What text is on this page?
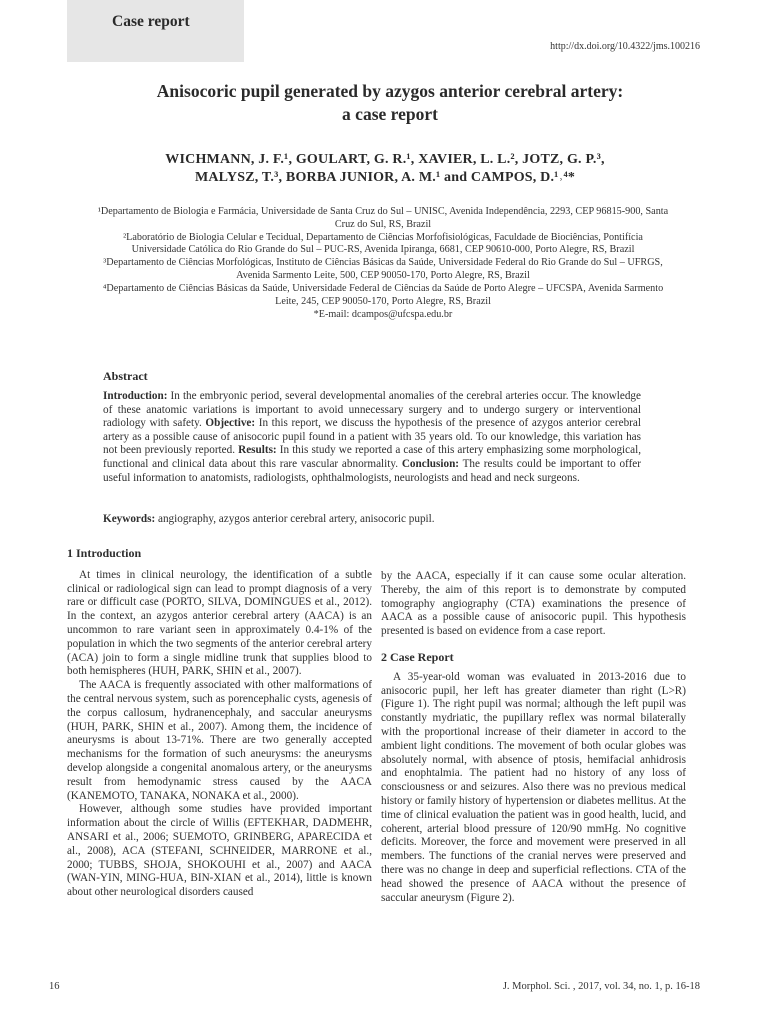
Case report
http://dx.doi.org/10.4322/jms.100216
Anisocoric pupil generated by azygos anterior cerebral artery:
a case report
WICHMANN, J. F.¹, GOULART, G. R.¹, XAVIER, L. L.², JOTZ, G. P.³,
MALYSZ, T.³, BORBA JUNIOR, A. M.¹ and CAMPOS, D.¹˒⁴*
¹Departamento de Biologia e Farmácia, Universidade de Santa Cruz do Sul – UNISC, Avenida Independência, 2293, CEP 96815-900, Santa Cruz do Sul, RS, Brazil
²Laboratório de Biologia Celular e Tecidual, Departamento de Ciências Morfofisiológicas, Faculdade de Biociências, Pontifícia Universidade Católica do Rio Grande do Sul – PUC-RS, Avenida Ipiranga, 6681, CEP 90610-000, Porto Alegre, RS, Brazil
³Departamento de Ciências Morfológicas, Instituto de Ciências Básicas da Saúde, Universidade Federal do Rio Grande do Sul – UFRGS, Avenida Sarmento Leite, 500, CEP 90050-170, Porto Alegre, RS, Brazil
⁴Departamento de Ciências Básicas da Saúde, Universidade Federal de Ciências da Saúde de Porto Alegre – UFCSPA, Avenida Sarmento Leite, 245, CEP 90050-170, Porto Alegre, RS, Brazil
*E-mail: dcampos@ufcspa.edu.br
Abstract
Introduction: In the embryonic period, several developmental anomalies of the cerebral arteries occur. The knowledge of these anatomic variations is important to avoid unnecessary surgery and to undergo surgery or interventional radiology with safety. Objective: In this report, we discuss the hypothesis of the presence of azygos anterior cerebral artery as a possible cause of anisocoric pupil found in a patient with 35 years old. To our knowledge, this variation has not been previously reported. Results: In this study we reported a case of this artery emphasizing some morphological, functional and clinical data about this rare vascular abnormality. Conclusion: The results could be important to offer useful information to anatomists, radiologists, ophthalmologists, neurologists and head and neck surgeons.
Keywords: angiography, azygos anterior cerebral artery, anisocoric pupil.
1 Introduction

At times in clinical neurology, the identification of a subtle clinical or radiological sign can lead to prompt diagnosis of a very rare or difficult case (PORTO, SILVA, DOMINGUES et al., 2012). In the context, an azygos anterior cerebral artery (AACA) is an uncommon to rare variant seen in approximately 0.4-1% of the population in which the two segments of the anterior cerebral artery (ACA) join to form a single midline trunk that supplies blood to both hemispheres (HUH, PARK, SHIN et al., 2007).

The AACA is frequently associated with other malformations of the central nervous system, such as porencephalic cysts, agenesis of the corpus callosum, hydranencephaly, and saccular aneurysms (HUH, PARK, SHIN et al., 2007). Among them, the incidence of aneurysms is about 13-71%. There are two generally accepted mechanisms for the formation of such aneurysms: the aneurysms develop alongside a congenital anomalous artery, or the aneurysms result from hemodynamic stress caused by the AACA (KANEMOTO, TANAKA, NONAKA et al., 2000).

However, although some studies have provided important information about the circle of Willis (EFTEKHAR, DADMEHR, ANSARI et al., 2006; SUEMOTO, GRINBERG, APARECIDA et al., 2008), ACA (STEFANI, SCHNEIDER, MARRONE et al., 2000; TUBBS, SHOJA, SHOKOUHI et al., 2007) and AACA (WAN-YIN, MING-HUA, BIN-XIAN et al., 2014), little is known about other neurological disorders caused

by the AACA, especially if it can cause some ocular alteration. Thereby, the aim of this report is to demonstrate by computed tomography angiography (CTA) examinations the presence of AACA as a possible cause of anisocoric pupil. This hypothesis presented is based on evidence from a case report.

2 Case Report

A 35-year-old woman was evaluated in 2013-2016 due to anisocoric pupil, her left has greater diameter than right (L>R) (Figure 1). The right pupil was normal; although the left pupil was constantly mydriatic, the pupillary reflex was normal bilaterally with the proportional increase of their diameter in accord to the ambient light conditions. The movement of both ocular globes was absolutely normal, with absence of ptosis, hemifacial anhidrosis and enophtalmia. The patient had no history of any loss of consciousness or and seizures. Also there was no previous medical history or family history of hypertension or diabetes mellitus. At the time of clinical evaluation the patient was in good health, lucid, and coherent, arterial blood pressure of 120/90 mmHg. No cognitive deficits. Moreover, the force and movement were preserved in all members. The functions of the cranial nerves were preserved and there was no change in deep and superficial reflections. CTA of the head showed the presence of AACA without the presence of saccular aneurysm (Figure 2).

16	J. Morphol. Sci. , 2017, vol. 34, no. 1, p. 16-18
